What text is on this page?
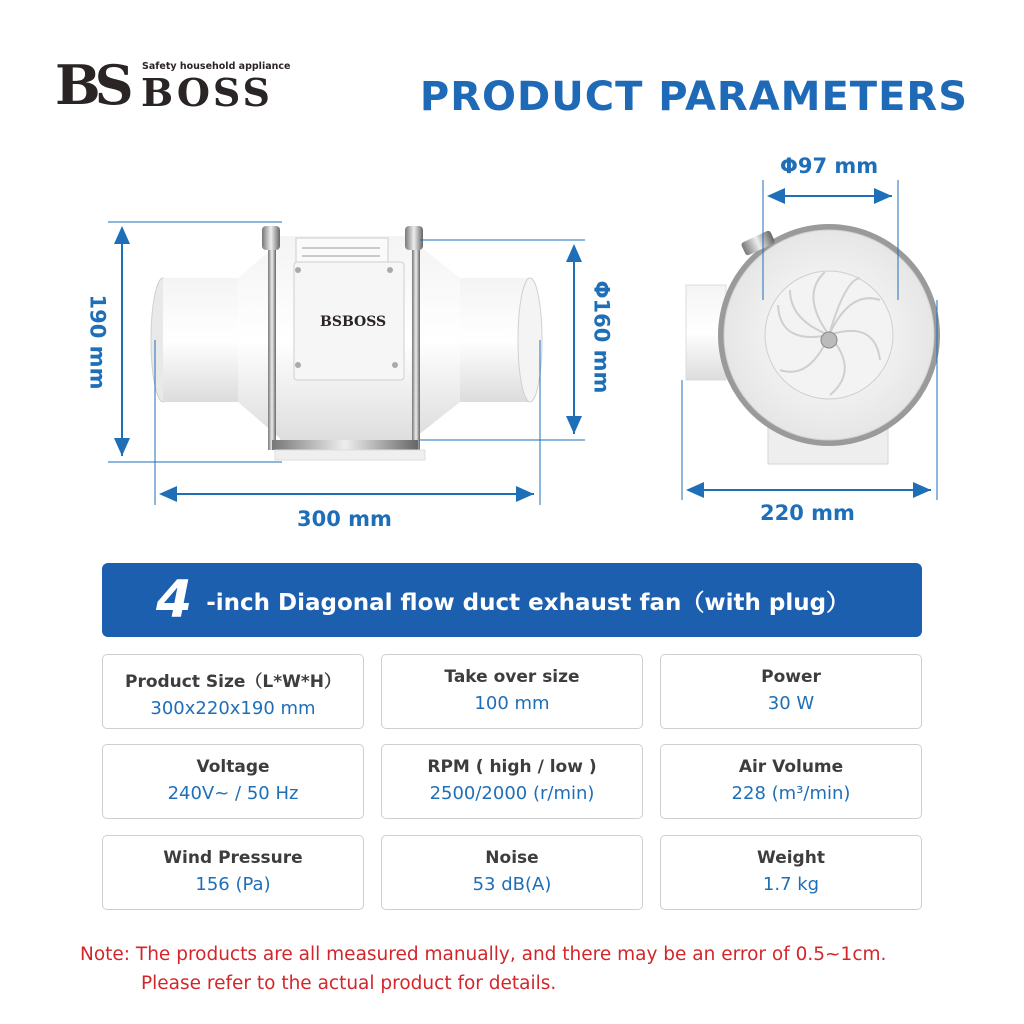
BS Safety household appliance
BOSS	PRODUCT PARAMETERS
BSBOSS
190 mm	Φ160 mm
300 mm
Φ97 mm
220 mm
4 -inch Diagonal flow duct exhaust fan（with plug）
Product Size（L*W*H）
300x220x190 mm
Take over size
100 mm
Power
30 W
Voltage
240V~ / 50 Hz
RPM ( high / low )
2500/2000 (r/min)
Air Volume
228 (m³/min)
Wind Pressure
156 (Pa)
Noise
53 dB(A)
Weight
1.7 kg
Note: The products are all measured manually, and there may be an error of 0.5~1cm.
Please refer to the actual product for details.
